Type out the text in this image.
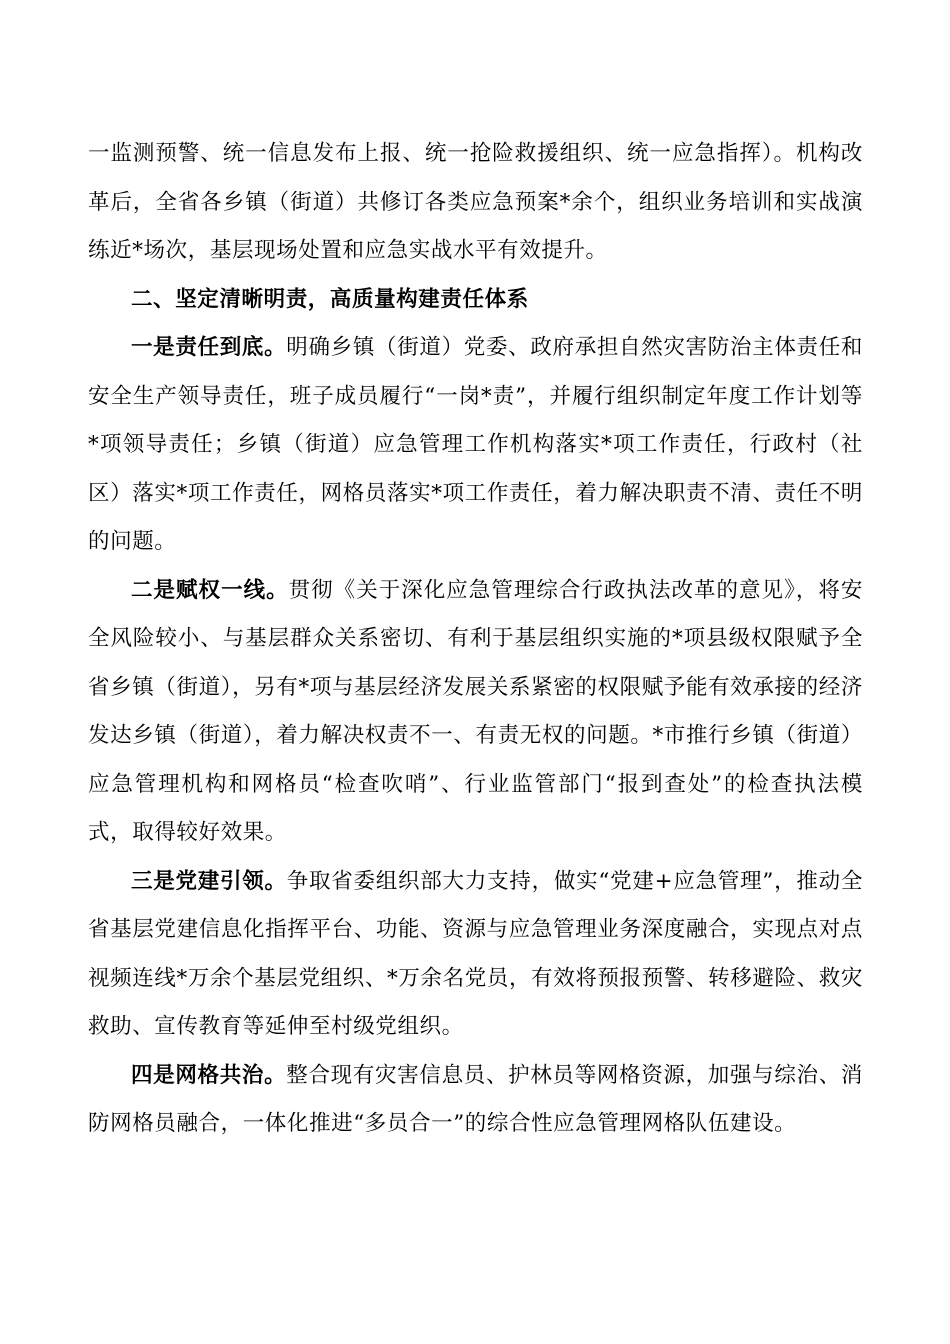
一监测预警、统一信息发布上报、统一抢险救援组织、统一应急指挥）。机构改革后，全省各乡镇（街道）共修订各类应急预案*余个，组织业务培训和实战演练近*场次，基层现场处置和应急实战水平有效提升。

二、坚定清晰明责，高质量构建责任体系

一是责任到底。明确乡镇（街道）党委、政府承担自然灾害防治主体责任和安全生产领导责任，班子成员履行“一岗*责”，并履行组织制定年度工作计划等*项领导责任；乡镇（街道）应急管理工作机构落实*项工作责任，行政村（社区）落实*项工作责任，网格员落实*项工作责任，着力解决职责不清、责任不明的问题。

二是赋权一线。贯彻《关于深化应急管理综合行政执法改革的意见》，将安全风险较小、与基层群众关系密切、有利于基层组织实施的*项县级权限赋予全省乡镇（街道），另有*项与基层经济发展关系紧密的权限赋予能有效承接的经济发达乡镇（街道），着力解决权责不一、有责无权的问题。*市推行乡镇（街道）应急管理机构和网格员“检查吹哨”、行业监管部门“报到查处”的检查执法模式，取得较好效果。

三是党建引领。争取省委组织部大力支持，做实“党建+应急管理”，推动全省基层党建信息化指挥平台、功能、资源与应急管理业务深度融合，实现点对点视频连线*万余个基层党组织、*万余名党员，有效将预报预警、转移避险、救灾救助、宣传教育等延伸至村级党组织。

四是网格共治。整合现有灾害信息员、护林员等网格资源，加强与综治、消防网格员融合，一体化推进“多员合一”的综合性应急管理网格队伍建设。
